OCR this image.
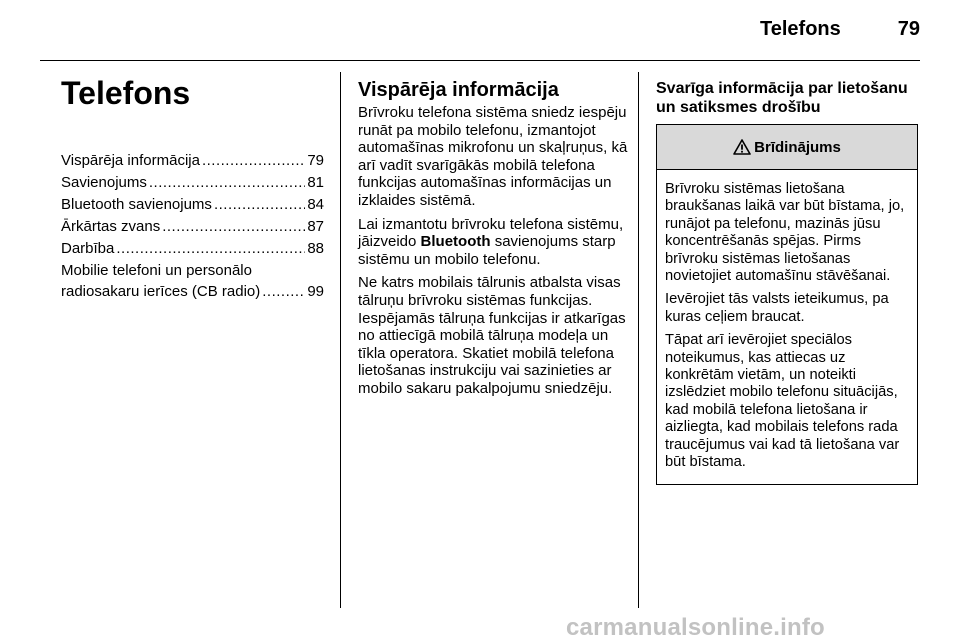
Telefons	79
Telefons
Vispārēja informācija .....	79
Savienojums .....	81
Bluetooth savienojums .....	84
Ārkārtas zvans .....	87
Darbība .....	88
Mobilie telefoni un personālo
radiosakaru ierīces (CB radio) .....	99
Vispārēja informācija

Brīvroku telefona sistēma sniedz iespēju runāt pa mobilo telefonu, izmantojot automašīnas mikrofonu un skaļruņus, kā arī vadīt svarīgākās mobilā telefona funkcijas automašīnas informācijas un izklaides sistēmā.

Lai izmantotu brīvroku telefona sistēmu, jāizveido Bluetooth savienojums starp sistēmu un mobilo telefonu.

Ne katrs mobilais tālrunis atbalsta visas tālruņu brīvroku sistēmas funkcijas. Iespējamās tālruņa funkcijas ir atkarīgas no attiecīgā mobilā tālruņa modeļa un tīkla operatora. Skatiet mobilā telefona lietošanas instrukciju vai sazinieties ar mobilo sakaru pakalpojumu sniedzēju.

Svarīga informācija par lietošanu un satiksmes drošību
Brīdinājums

Brīvroku sistēmas lietošana braukšanas laikā var būt bīstama, jo, runājot pa telefonu, mazinās jūsu koncentrēšanās spējas. Pirms brīvroku sistēmas lietošanas novietojiet automašīnu stāvēšanai.

Ievērojiet tās valsts ieteikumus, pa kuras ceļiem braucat.

Tāpat arī ievērojiet speciālos noteikumus, kas attiecas uz konkrētām vietām, un noteikti izslēdziet mobilo telefonu situācijās, kad mobilā telefona lietošana ir aizliegta, kad mobilais telefons rada traucējumus vai kad tā lietošana var būt bīstama.

carmanualsonline.info
